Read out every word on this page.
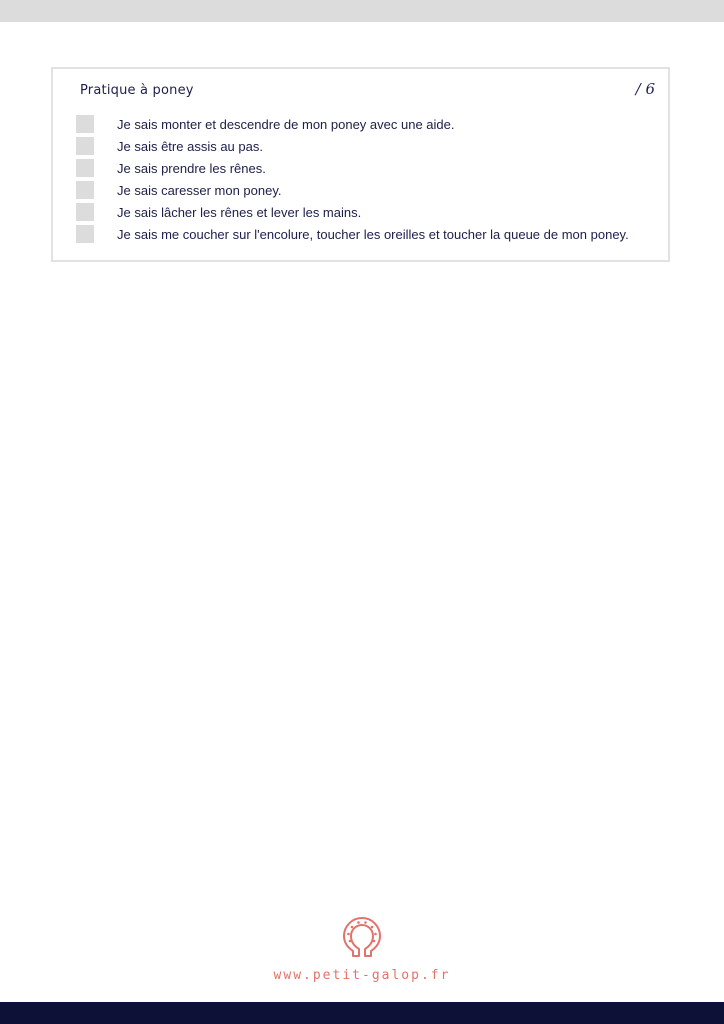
Pratique à poney	/ 6
Je sais monter et descendre de mon poney avec une aide.
Je sais être assis au pas.
Je sais prendre les rênes.
Je sais caresser mon poney.
Je sais lâcher les rênes et lever les mains.
Je sais me coucher sur l'encolure, toucher les oreilles et toucher la queue de mon poney.
www.petit-galop.fr
